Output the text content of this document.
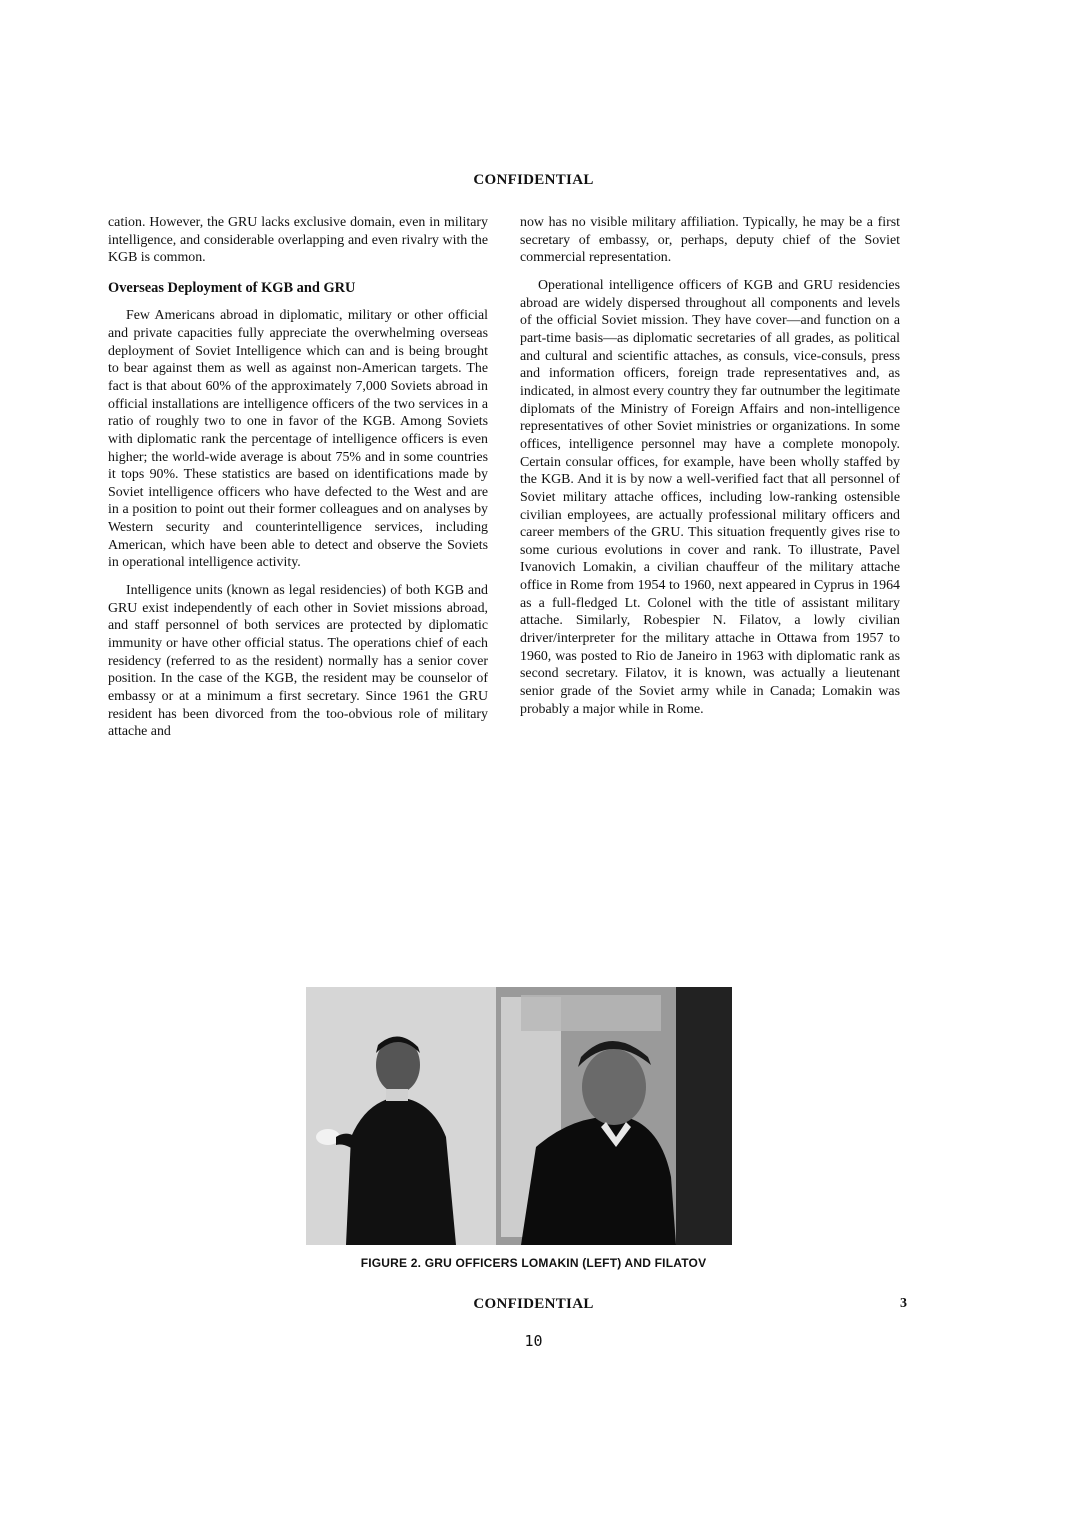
CONFIDENTIAL

cation. However, the GRU lacks exclusive domain, even in military intelligence, and considerable overlapping and even rivalry with the KGB is common.

Overseas Deployment of KGB and GRU

Few Americans abroad in diplomatic, military or other official and private capacities fully appreciate the overwhelming overseas deployment of Soviet Intelligence which can and is being brought to bear against them as well as against non-American targets. The fact is that about 60% of the approximately 7,000 Soviets abroad in official installations are intelligence officers of the two services in a ratio of roughly two to one in favor of the KGB. Among Soviets with diplomatic rank the percentage of intelligence officers is even higher; the world-wide average is about 75% and in some countries it tops 90%. These statistics are based on identifications made by Soviet intelligence officers who have defected to the West and are in a position to point out their former colleagues and on analyses by Western security and counterintelligence services, including American, which have been able to detect and observe the Soviets in operational intelligence activity.

Intelligence units (known as legal residencies) of both KGB and GRU exist independently of each other in Soviet missions abroad, and staff personnel of both services are protected by diplomatic immunity or have other official status. The operations chief of each residency (referred to as the resident) normally has a senior cover position. In the case of the KGB, the resident may be counselor of embassy or at a minimum a first secretary. Since 1961 the GRU resident has been divorced from the too-obvious role of military attache and

now has no visible military affiliation. Typically, he may be a first secretary of embassy, or, perhaps, deputy chief of the Soviet commercial representation.

Operational intelligence officers of KGB and GRU residencies abroad are widely dispersed throughout all components and levels of the official Soviet mission. They have cover—and function on a part-time basis—as diplomatic secretaries of all grades, as political and cultural and scientific attaches, as consuls, vice-consuls, press and information officers, foreign trade representatives and, as indicated, in almost every country they far outnumber the legitimate diplomats of the Ministry of Foreign Affairs and non-intelligence representatives of other Soviet ministries or organizations. In some offices, intelligence personnel may have a complete monopoly. Certain consular offices, for example, have been wholly staffed by the KGB. And it is by now a well-verified fact that all personnel of Soviet military attache offices, including low-ranking ostensible civilian employees, are actually professional military officers and career members of the GRU. This situation frequently gives rise to some curious evolutions in cover and rank. To illustrate, Pavel Ivanovich Lomakin, a civilian chauffeur of the military attache office in Rome from 1954 to 1960, next appeared in Cyprus in 1964 as a full-fledged Lt. Colonel with the title of assistant military attache. Similarly, Robespier N. Filatov, a lowly civilian driver/interpreter for the military attache in Ottawa from 1957 to 1960, was posted to Rio de Janeiro in 1963 with diplomatic rank as second secretary. Filatov, it is known, was actually a lieutenant senior grade of the Soviet army while in Canada; Lomakin was probably a major while in Rome.

FIGURE 2. GRU OFFICERS LOMAKIN (LEFT) AND FILATOV
CONFIDENTIAL	3
10
